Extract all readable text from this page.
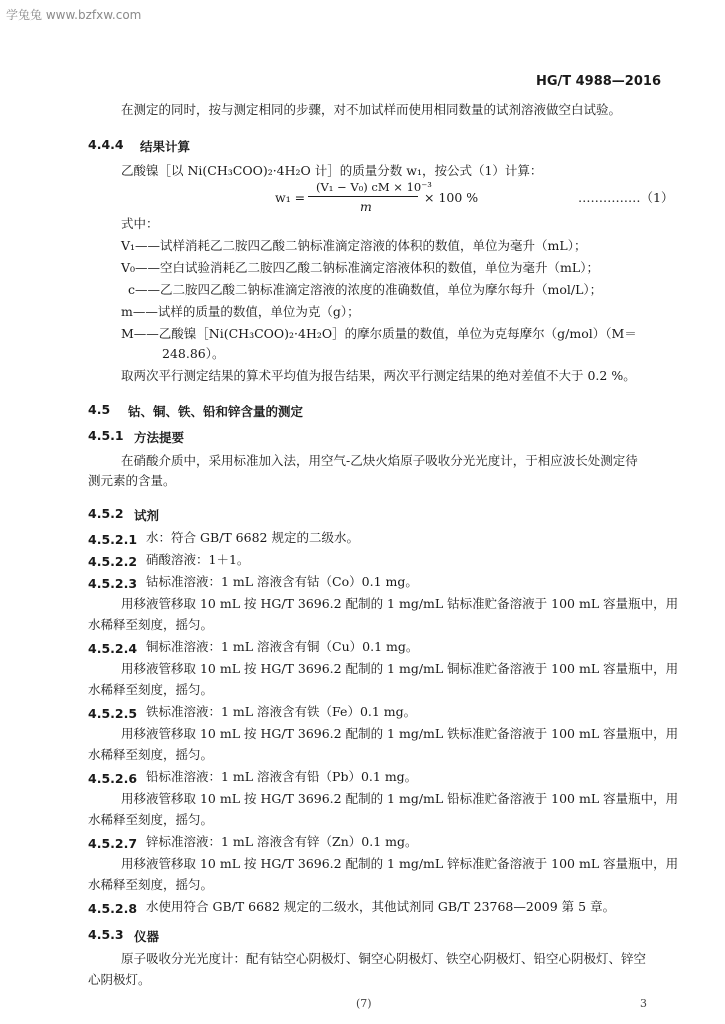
学兔兔 www.bzfxw.com
HG/T 4988—2016
在测定的同时，按与测定相同的步骤，对不加试样而使用相同数量的试剂溶液做空白试验。
4.4.4 结果计算
乙酸镍［以 Ni(CH₃COO)₂·4H₂O 计］的质量分数 w₁，按公式（1）计算：
w₁ =
(V₁ − V₀) cM × 10⁻³
m
× 100 %	……………（1）
式中：
V₁——试样消耗乙二胺四乙酸二钠标准滴定溶液的体积的数值，单位为毫升（mL）；
V₀——空白试验消耗乙二胺四乙酸二钠标准滴定溶液体积的数值，单位为毫升（mL）；
c——乙二胺四乙酸二钠标准滴定溶液的浓度的准确数值，单位为摩尔每升（mol/L）；
m——试样的质量的数值，单位为克（g）；
M——乙酸镍［Ni(CH₃COO)₂·4H₂O］的摩尔质量的数值，单位为克每摩尔（g/mol）（M＝
248.86）。
取两次平行测定结果的算术平均值为报告结果，两次平行测定结果的绝对差值不大于 0.2 %。
4.5 钴、铜、铁、铅和锌含量的测定
4.5.1 方法提要
在硝酸介质中，采用标准加入法，用空气-乙炔火焰原子吸收分光光度计，于相应波长处测定待
测元素的含量。
4.5.2 试剂
4.5.2.1 水：符合 GB/T 6682 规定的二级水。
4.5.2.2 硝酸溶液：1＋1。
4.5.2.3 钴标准溶液：1 mL 溶液含有钴（Co）0.1 mg。
用移液管移取 10 mL 按 HG/T 3696.2 配制的 1 mg/mL 钴标准贮备溶液于 100 mL 容量瓶中，用
水稀释至刻度，摇匀。
4.5.2.4 铜标准溶液：1 mL 溶液含有铜（Cu）0.1 mg。
用移液管移取 10 mL 按 HG/T 3696.2 配制的 1 mg/mL 铜标准贮备溶液于 100 mL 容量瓶中，用
水稀释至刻度，摇匀。
4.5.2.5 铁标准溶液：1 mL 溶液含有铁（Fe）0.1 mg。
用移液管移取 10 mL 按 HG/T 3696.2 配制的 1 mg/mL 铁标准贮备溶液于 100 mL 容量瓶中，用
水稀释至刻度，摇匀。
4.5.2.6 铅标准溶液：1 mL 溶液含有铅（Pb）0.1 mg。
用移液管移取 10 mL 按 HG/T 3696.2 配制的 1 mg/mL 铅标准贮备溶液于 100 mL 容量瓶中，用
水稀释至刻度，摇匀。
4.5.2.7 锌标准溶液：1 mL 溶液含有锌（Zn）0.1 mg。
用移液管移取 10 mL 按 HG/T 3696.2 配制的 1 mg/mL 锌标准贮备溶液于 100 mL 容量瓶中，用
水稀释至刻度，摇匀。
4.5.2.8 水使用符合 GB/T 6682 规定的二级水，其他试剂同 GB/T 23768—2009 第 5 章。
4.5.3 仪器
原子吸收分光光度计：配有钴空心阴极灯、铜空心阴极灯、铁空心阴极灯、铅空心阴极灯、锌空
心阴极灯。
(7)	3
